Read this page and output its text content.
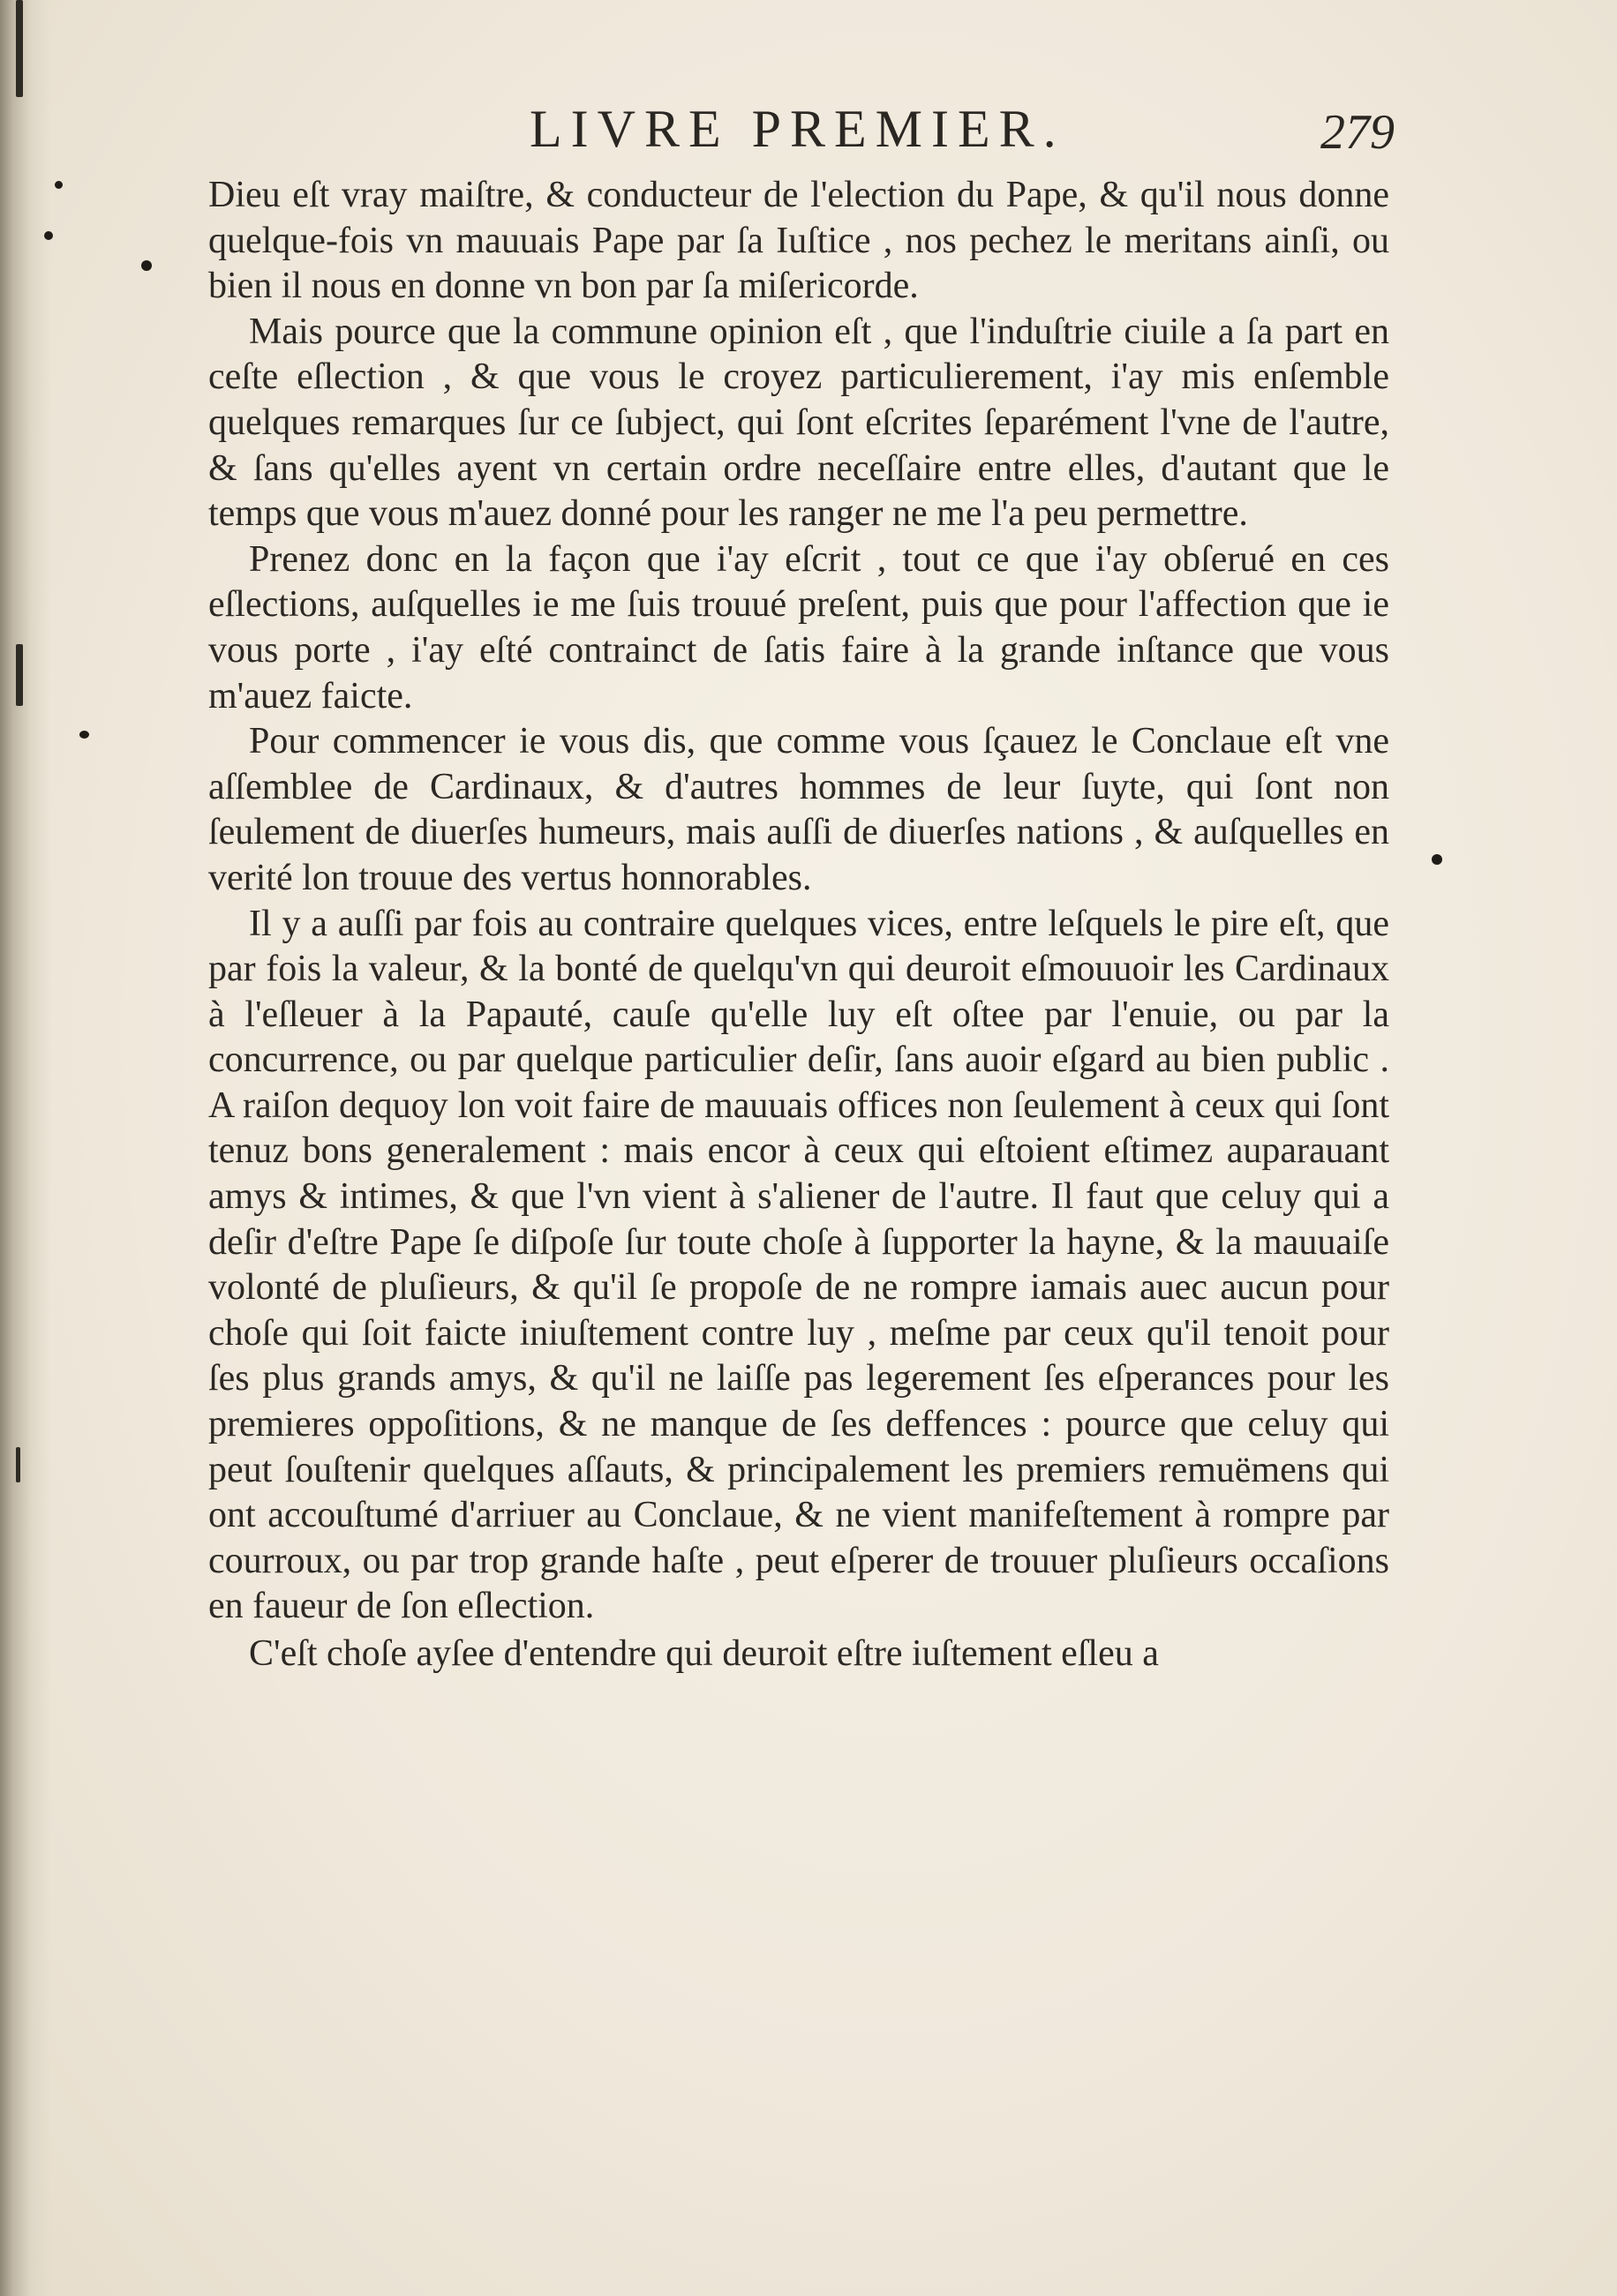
LIVRE PREMIER.	279

Dieu eſt vray maiſtre, & conducteur de l'election du Pape, & qu'il nous donne quelque-fois vn mauuais Pape par ſa Iuſtice , nos pechez le meritans ainſi, ou bien il nous en donne vn bon par ſa miſericorde.

Mais pource que la commune opinion eſt , que l'induſtrie ciuile a ſa part en ceſte eſlection , & que vous le croyez particulierement, i'ay mis enſemble quelques remarques ſur ce ſubject, qui ſont eſcrites ſeparément l'vne de l'autre, & ſans qu'elles ayent vn certain ordre neceſſaire entre elles, d'autant que le temps que vous m'auez donné pour les ranger ne me l'a peu permettre.

Prenez donc en la façon que i'ay eſcrit , tout ce que i'ay obſerué en ces eſlections, auſquelles ie me ſuis trouué preſent, puis que pour l'affection que ie vous porte , i'ay eſté contrainct de ſatis faire à la grande inſtance que vous m'auez faicte.

Pour commencer ie vous dis, que comme vous ſçauez le Conclaue eſt vne aſſemblee de Cardinaux, & d'autres hommes de leur ſuyte, qui ſont non ſeulement de diuerſes humeurs, mais auſſi de diuerſes nations , & auſquelles en verité lon trouue des vertus honnorables.

Il y a auſſi par fois au contraire quelques vices, entre leſquels le pire eſt, que par fois la valeur, & la bonté de quelqu'vn qui deuroit eſmouuoir les Cardinaux à l'eſleuer à la Papauté, cauſe qu'elle luy eſt oſtee par l'enuie, ou par la concurrence, ou par quelque particulier deſir, ſans auoir eſgard au bien public . A raiſon dequoy lon voit faire de mauuais offices non ſeulement à ceux qui ſont tenuz bons generalement : mais encor à ceux qui eſtoient eſtimez auparauant amys & intimes, & que l'vn vient à s'aliener de l'autre. Il faut que celuy qui a deſir d'eſtre Pape ſe diſpoſe ſur toute choſe à ſupporter la hayne, & la mauuaiſe volonté de pluſieurs, & qu'il ſe propoſe de ne rompre iamais auec aucun pour choſe qui ſoit faicte iniuſtement contre luy , meſme par ceux qu'il tenoit pour ſes plus grands amys, & qu'il ne laiſſe pas legerement ſes eſperances pour les premieres oppoſitions, & ne manque de ſes deffences : pource que celuy qui peut ſouſtenir quelques aſſauts, & principalement les premiers remuëmens qui ont accouſtumé d'arriuer au Conclaue, & ne vient manifeſtement à rompre par courroux, ou par trop grande haſte , peut eſperer de trouuer pluſieurs occaſions en faueur de ſon eſlection.

C'eſt choſe ayſee d'entendre qui deuroit eſtre iuſtement eſleu a
